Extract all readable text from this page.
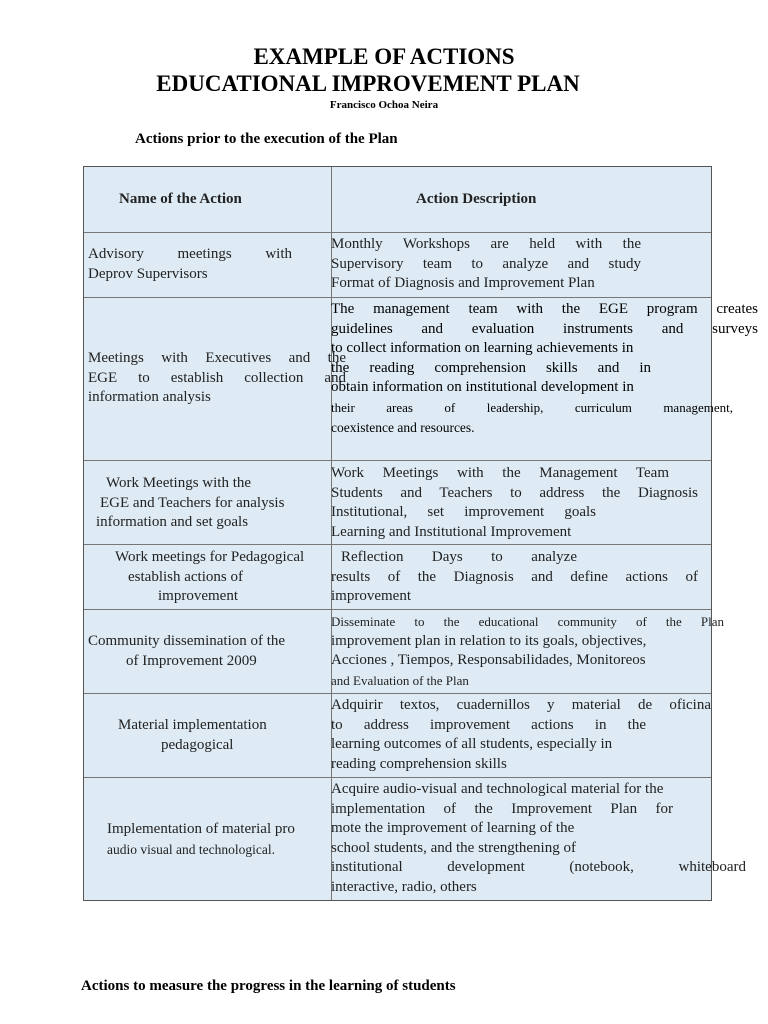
EXAMPLE OF ACTIONS
EDUCATIONAL IMPROVEMENT PLAN
Francisco Ochoa Neira
Actions prior to the execution of the Plan
Name of the Action	Action Description
Advisory meetings with
Deprov Supervisors
Monthly Workshops are held with the
Supervisory team to analyze and study
Format of Diagnosis and Improvement Plan
Meetings with Executives and the
EGE to establish collection and
information analysis
The management team with the EGE program creates
guidelines and evaluation instruments and surveys
to collect information on learning achievements in
the reading comprehension skills and in
obtain information on institutional development in
their areas of leadership, curriculum management,
coexistence and resources.
Work Meetings with the
EGE and Teachers for analysis
information and set goals
Work Meetings with the Management Team
Students and Teachers to address the Diagnosis
Institutional, set improvement goals
Learning and Institutional Improvement
Work meetings for Pedagogical
establish actions of
improvement
Reflection Days to analyze
results of the Diagnosis and define actions of
improvement
Community dissemination of the
of Improvement 2009
Disseminate to the educational community of the Plan
improvement plan in relation to its goals, objectives,
Acciones , Tiempos, Responsabilidades, Monitoreos
and Evaluation of the Plan
Material implementation
pedagogical
Adquirir textos, cuadernillos y material de oficina
to address improvement actions in the
learning outcomes of all students, especially in
reading comprehension skills
Implementation of material pro
audio visual and technological.
Acquire audio-visual and technological material for the
implementation of the Improvement Plan for
mote the improvement of learning of the
school students, and the strengthening of
institutional development (notebook, whiteboard
interactive, radio, others
Actions to measure the progress in the learning of students
